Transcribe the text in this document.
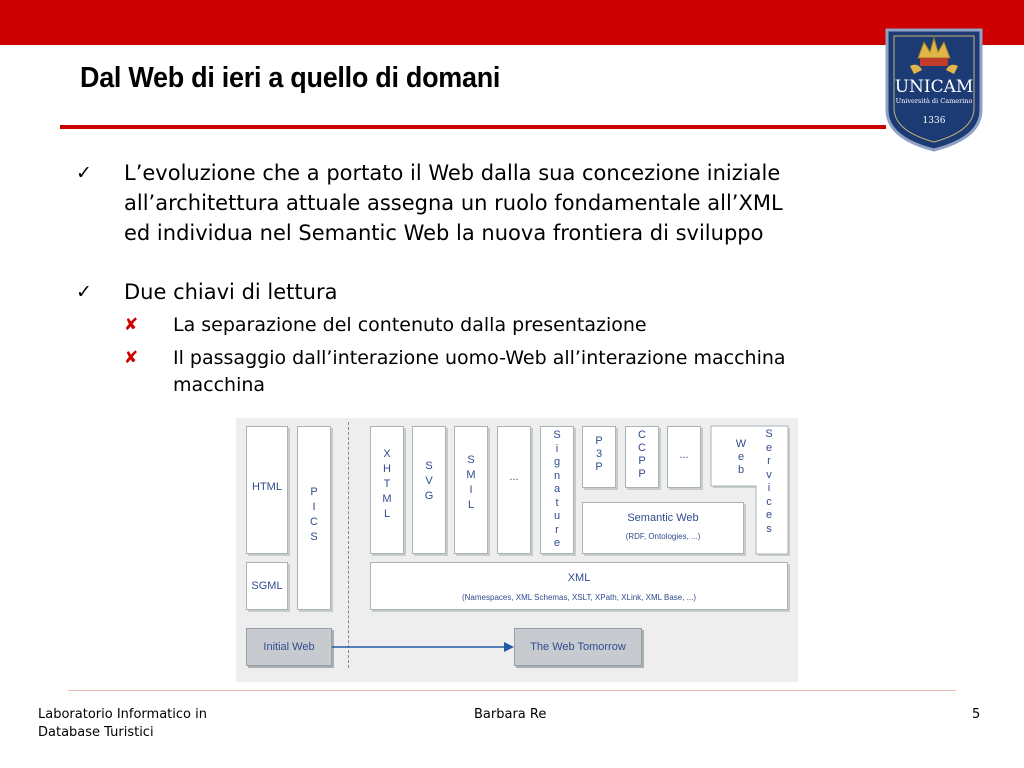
Dal Web di ieri a quello di domani	UNICAM
Università di Camerino
1336
✓ L’evoluzione che a portato il Web dalla sua concezione iniziale
all’architettura attuale assegna un ruolo fondamentale all’XML
ed individua nel Semantic Web la nuova frontiera di sviluppo
✓ Due chiavi di lettura
✘ La separazione del contenuto dalla presentazione
✘ Il passaggio dall’interazione uomo-Web all’interazione macchina
macchina
HTML	P
I
C
S
SGML
X
H
T
M
L
S
V
G
S
M
I
L
...
S
i
g
n
a
t
u
r
e
P
3
P
C
C
P
P
...
W
e
b
S
e
r
v
i
c
e
s
Semantic Web
(RDF, Ontologies, ...)
XML
(Namespaces, XML Schemas, XSLT, XPath, XLink, XML Base, ...)
Initial Web	The Web Tomorrow
Laboratorio Informatico in
Database Turistici
Barbara Re	5
